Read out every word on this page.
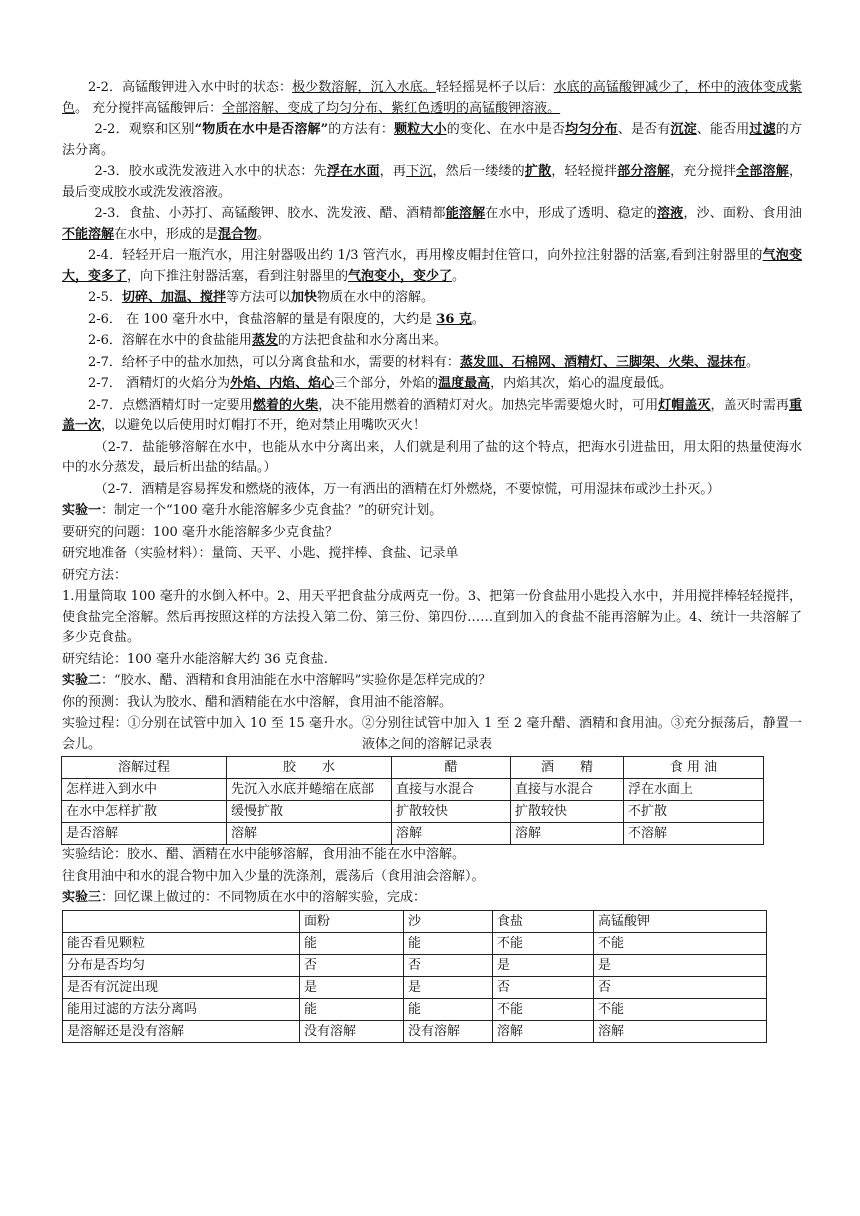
2-2．高锰酸钾进入水中时的状态：极少数溶解，沉入水底。轻轻摇晃杯子以后：水底的高锰酸钾减少了，杯中的液体变成紫色。 充分搅拌高锰酸钾后：全部溶解、变成了均匀分布、紫红色透明的高锰酸钾溶液。

2-2．观察和区别“物质在水中是否溶解”的方法有：颗粒大小的变化、在水中是否均匀分布、是否有沉淀、能否用过滤的方法分离。

2-3．胶水或洗发液进入水中的状态：先浮在水面，再下沉，然后一缕缕的扩散，轻轻搅拌部分溶解，充分搅拌全部溶解，最后变成胶水或洗发液溶液。

2-3．食盐、小苏打、高锰酸钾、胶水、洗发液、醋、酒精都能溶解在水中，形成了透明、稳定的溶液，沙、面粉、食用油不能溶解在水中，形成的是混合物。

2-4．轻轻开启一瓶汽水，用注射器吸出约 1/3 管汽水，再用橡皮帽封住管口，向外拉注射器的活塞,看到注射器里的气泡变大，变多了，向下推注射器活塞，看到注射器里的气泡变小，变少了。

2-5．切碎、加温、搅拌等方法可以加快物质在水中的溶解。

2-6． 在 100 毫升水中，食盐溶解的量是有限度的，大约是 36 克。

2-6．溶解在水中的食盐能用蒸发的方法把食盐和水分离出来。

2-7．给杯子中的盐水加热，可以分离食盐和水，需要的材料有：蒸发皿、石棉网、酒精灯、三脚架、火柴、湿抹布。

2-7． 酒精灯的火焰分为外焰、内焰、焰心三个部分，外焰的温度最高，内焰其次，焰心的温度最低。

2-7．点燃酒精灯时一定要用燃着的火柴，决不能用燃着的酒精灯对火。加热完毕需要熄火时，可用灯帽盖灭，盖灭时需再重盖一次，以避免以后使用时灯帽打不开，绝对禁止用嘴吹灭火！

（2-7．盐能够溶解在水中，也能从水中分离出来，人们就是利用了盐的这个特点，把海水引进盐田，用太阳的热量使海水中的水分蒸发，最后析出盐的结晶。）

（2-7．酒精是容易挥发和燃烧的液体，万一有洒出的酒精在灯外燃烧，不要惊慌，可用湿抹布或沙土扑灭。）

实验一：制定一个“100 毫升水能溶解多少克食盐？”的研究计划。

要研究的问题：100 毫升水能溶解多少克食盐？

研究地准备（实验材料）：量筒、天平、小匙、搅拌棒、食盐、记录单

研究方法：

1.用量筒取 100 毫升的水倒入杯中。2、用天平把食盐分成两克一份。3、把第一份食盐用小匙投入水中，并用搅拌棒轻轻搅拌，使食盐完全溶解。然后再按照这样的方法投入第二份、第三份、第四份……直到加入的食盐不能再溶解为止。4、统计一共溶解了多少克食盐。

研究结论：100 毫升水能溶解大约 36 克食盐.

实验二：“胶水、醋、酒精和食用油能在水中溶解吗”实验你是怎样完成的？

你的预测：我认为胶水、醋和酒精能在水中溶解，食用油不能溶解。

实验过程：①分别在试管中加入 10 至 15 毫升水。②分别往试管中加入 1 至 2 毫升醋、酒精和食用油。③充分振荡后，静置一会儿。	液体之间的溶解记录表

溶解过程	胶　　水	醋	酒　　精	食 用 油
怎样进入到水中	先沉入水底并蜷缩在底部	直接与水混合	直接与水混合	浮在水面上
在水中怎样扩散	缓慢扩散	扩散较快	扩散较快	不扩散
是否溶解	溶解	溶解	溶解	不溶解

实验结论：胶水、醋、酒精在水中能够溶解，食用油不能在水中溶解。

往食用油中和水的混合物中加入少量的洗涤剂，震荡后（食用油会溶解）。

实验三：回忆课上做过的：不同物质在水中的溶解实验，完成：

	面粉	沙	食盐	高锰酸钾
能否看见颗粒	能	能	不能	不能
分布是否均匀	否	否	是	是
是否有沉淀出现	是	是	否	否
能用过滤的方法分离吗	能	能	不能	不能
是溶解还是没有溶解	没有溶解	没有溶解	溶解	溶解
